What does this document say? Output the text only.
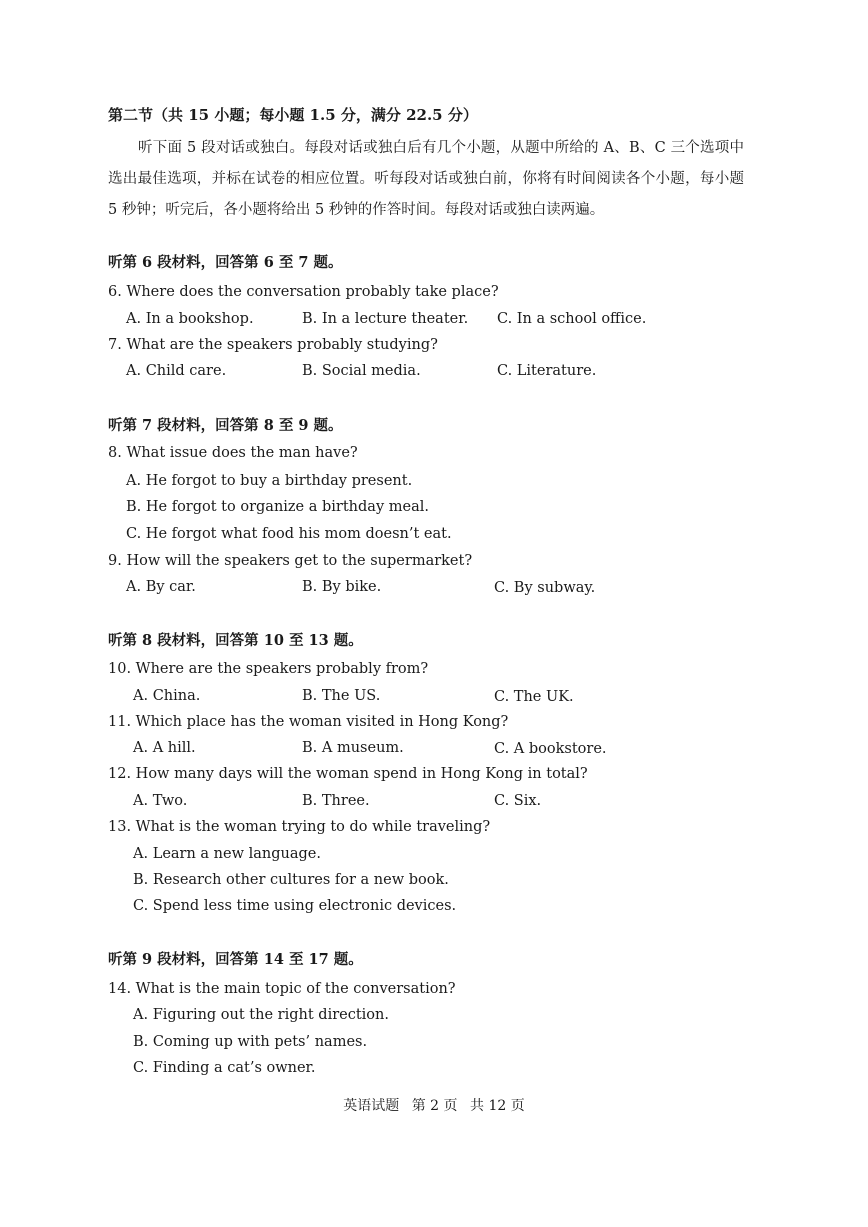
第二节（共 15 小题；每小题 1.5 分，满分 22.5 分）
听下面 5 段对话或独白。每段对话或独白后有几个小题，从题中所给的 A、B、C 三个选项中选出最佳选项，并标在试卷的相应位置。听每段对话或独白前，你将有时间阅读各个小题，每小题 5 秒钟；听完后，各小题将给出 5 秒钟的作答时间。每段对话或独白读两遍。
听第 6 段材料，回答第 6 至 7 题。
6. Where does the conversation probably take place?
A. In a bookshop.	B. In a lecture theater. C. In a school office.
7. What are the speakers probably studying?
A. Child care.	B. Social media.	C. Literature.
听第 7 段材料，回答第 8 至 9 题。
8. What issue does the man have?
A. He forgot to buy a birthday present.
B. He forgot to organize a birthday meal.
C. He forgot what food his mom doesn’t eat.
9. How will the speakers get to the supermarket?
A. By car.	B. By bike.	C. By subway.
听第 8 段材料，回答第 10 至 13 题。
10. Where are the speakers probably from?
A. China.	B. The US.	C. The UK.
11. Which place has the woman visited in Hong Kong?
A. A hill.	B. A museum.	C. A bookstore.
12. How many days will the woman spend in Hong Kong in total?
A. Two.	B. Three.	C. Six.
13. What is the woman trying to do while traveling?
A. Learn a new language.
B. Research other cultures for a new book.
C. Spend less time using electronic devices.
听第 9 段材料，回答第 14 至 17 题。
14. What is the main topic of the conversation?
A. Figuring out the right direction.
B. Coming up with pets’ names.
C. Finding a cat’s owner.
英语试题 第 2 页 共 12 页
